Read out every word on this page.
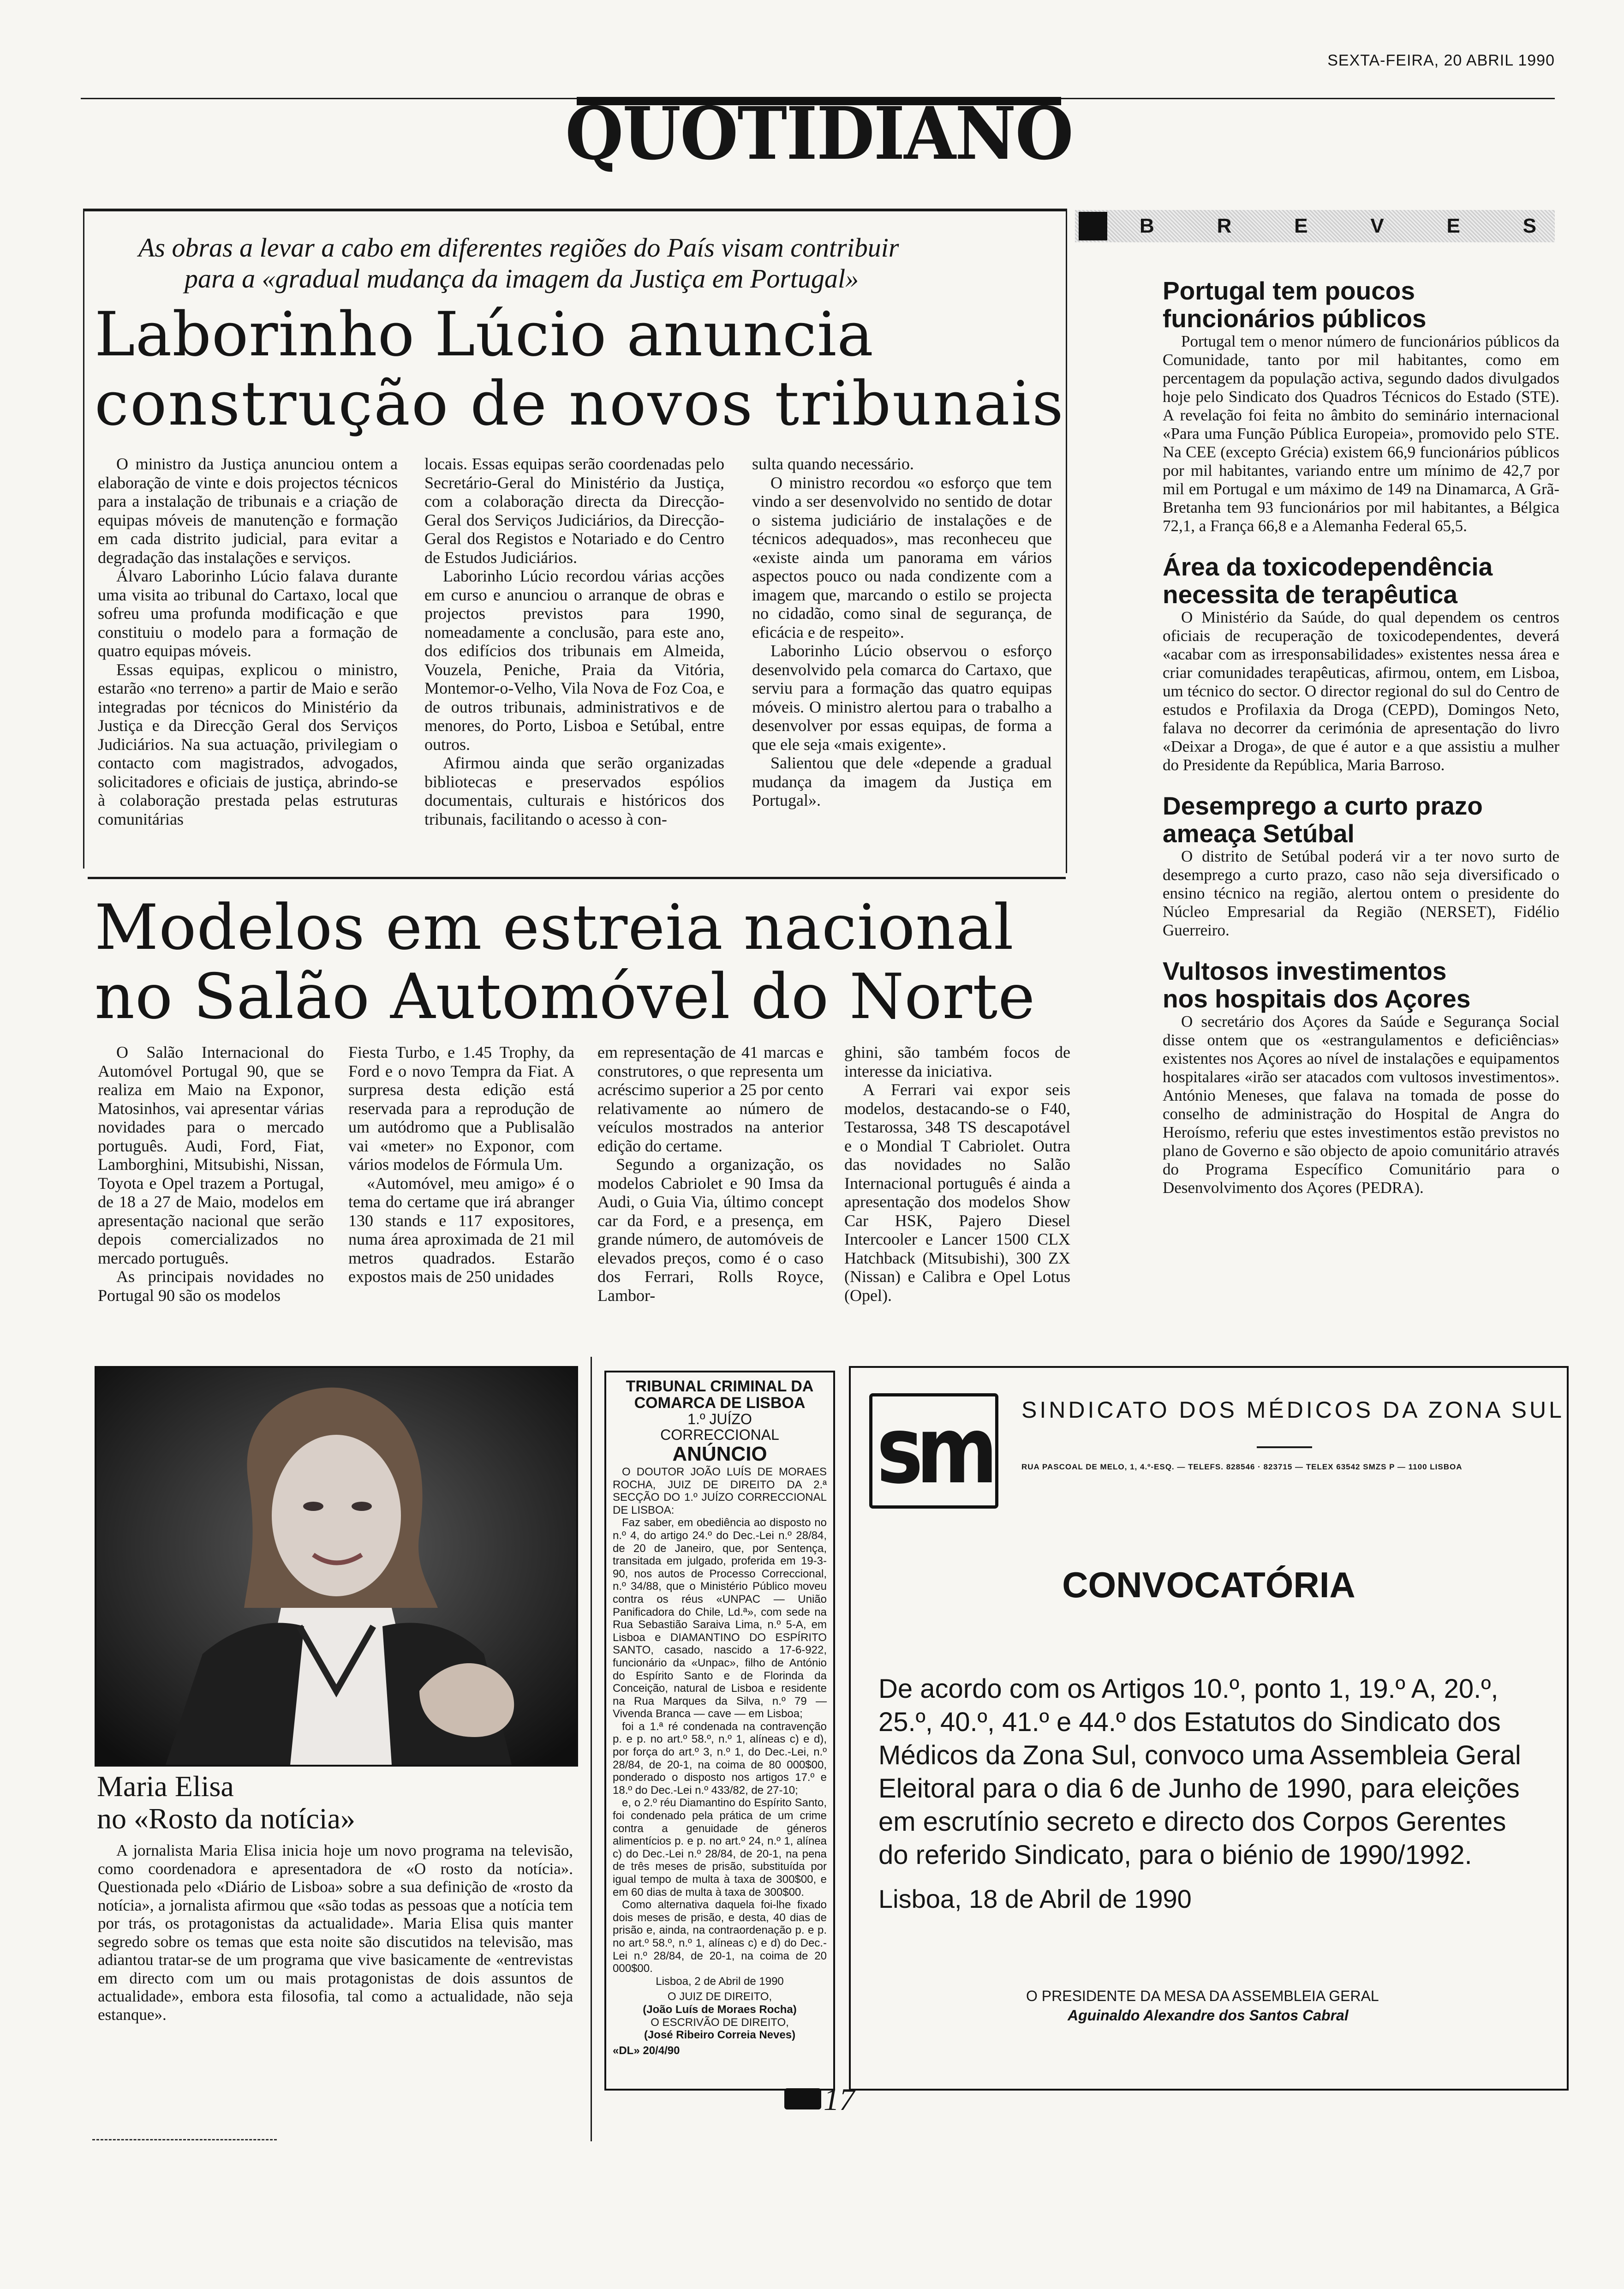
SEXTA-FEIRA, 20 ABRIL 1990
QUOTIDIANO
As obras a levar a cabo em diferentes regiões do País visam contribuir
para a «gradual mudança da imagem da Justiça em Portugal»
Laborinho Lúcio anuncia
construção de novos tribunais

O ministro da Justiça anunciou ontem a elaboração de vinte e dois projectos técnicos para a instalação de tribunais e a criação de equipas móveis de manutenção e formação em cada distrito judicial, para evitar a degradação das instalações e serviços.

Álvaro Laborinho Lúcio falava durante uma visita ao tribunal do Cartaxo, local que sofreu uma profunda modificação e que constituiu o modelo para a formação de quatro equipas móveis.

Essas equipas, explicou o ministro, estarão «no terreno» a partir de Maio e serão integradas por técnicos do Ministério da Justiça e da Direcção Geral dos Serviços Judiciários. Na sua actuação, privilegiam o contacto com magistrados, advogados, solicitadores e oficiais de justiça, abrindo-se à colaboração prestada pelas estruturas comunitárias

locais. Essas equipas serão coordenadas pelo Secretário-Geral do Ministério da Justiça, com a colaboração directa da Direcção-Geral dos Serviços Judiciários, da Direcção-Geral dos Registos e Notariado e do Centro de Estudos Judiciários.

Laborinho Lúcio recordou várias acções em curso e anunciou o arranque de obras e projectos previstos para 1990, nomeadamente a conclusão, para este ano, dos edifícios dos tribunais em Almeida, Vouzela, Peniche, Praia da Vitória, Montemor-o-Velho, Vila Nova de Foz Coa, e de outros tribunais, administrativos e de menores, do Porto, Lisboa e Setúbal, entre outros.

Afirmou ainda que serão organizadas bibliotecas e preservados espólios documentais, culturais e históricos dos tribunais, facilitando o acesso à con-

sulta quando necessário.

O ministro recordou «o esforço que tem vindo a ser desenvolvido no sentido de dotar o sistema judiciário de instalações e de técnicos adequados», mas reconheceu que «existe ainda um panorama em vários aspectos pouco ou nada condizente com a imagem que, marcando o estilo se projecta no cidadão, como sinal de segurança, de eficácia e de respeito».

Laborinho Lúcio observou o esforço desenvolvido pela comarca do Cartaxo, que serviu para a formação das quatro equipas móveis. O ministro alertou para o trabalho a desenvolver por essas equipas, de forma a que ele seja «mais exigente».

Salientou que dele «depende a gradual mudança da imagem da Justiça em Portugal».

B	R	E	V	E	S
Portugal tem poucos
funcionários públicos

Portugal tem o menor número de funcionários públicos da Comunidade, tanto por mil habitantes, como em percentagem da população activa, segundo dados divulgados hoje pelo Sindicato dos Quadros Técnicos do Estado (STE). A revelação foi feita no âmbito do seminário internacional «Para uma Função Pública Europeia», promovido pelo STE. Na CEE (excepto Grécia) existem 66,9 funcionários públicos por mil habitantes, variando entre um mínimo de 42,7 por mil em Portugal e um máximo de 149 na Dinamarca, A Grã-Bretanha tem 93 funcionários por mil habitantes, a Bélgica 72,1, a França 66,8 e a Alemanha Federal 65,5.

Área da toxicodependência
necessita de terapêutica

O Ministério da Saúde, do qual dependem os centros oficiais de recuperação de toxicodependentes, deverá «acabar com as irresponsabilidades» existentes nessa área e criar comunidades terapêuticas, afirmou, ontem, em Lisboa, um técnico do sector. O director regional do sul do Centro de estudos e Profilaxia da Droga (CEPD), Domingos Neto, falava no decorrer da cerimónia de apresentação do livro «Deixar a Droga», de que é autor e a que assistiu a mulher do Presidente da República, Maria Barroso.

Desemprego a curto prazo
ameaça Setúbal

O distrito de Setúbal poderá vir a ter novo surto de desemprego a curto prazo, caso não seja diversificado o ensino técnico na região, alertou ontem o presidente do Núcleo Empresarial da Região (NERSET), Fidélio Guerreiro.

Vultosos investimentos
nos hospitais dos Açores

O secretário dos Açores da Saúde e Segurança Social disse ontem que os «estrangulamentos e deficiências» existentes nos Açores ao nível de instalações e equipamentos hospitalares «irão ser atacados com vultosos investimentos». António Meneses, que falava na tomada de posse do conselho de administração do Hospital de Angra do Heroísmo, referiu que estes investimentos estão previstos no plano de Governo e são objecto de apoio comunitário através do Programa Específico Comunitário para o Desenvolvimento dos Açores (PEDRA).

Modelos em estreia nacional
no Salão Automóvel do Norte

O Salão Internacional do Automóvel Portugal 90, que se realiza em Maio na Exponor, Matosinhos, vai apresentar várias novidades para o mercado português. Audi, Ford, Fiat, Lamborghini, Mitsubishi, Nissan, Toyota e Opel trazem a Portugal, de 18 a 27 de Maio, modelos em apresentação nacional que serão depois comercializados no mercado português.

As principais novidades no Portugal 90 são os modelos

Fiesta Turbo, e 1.45 Trophy, da Ford e o novo Tempra da Fiat. A surpresa desta edição está reservada para a reprodução de um autódromo que a Publisalão vai «meter» no Exponor, com vários modelos de Fórmula Um.

«Automóvel, meu amigo» é o tema do certame que irá abranger 130 stands e 117 expositores, numa área aproximada de 21 mil metros quadrados. Estarão expostos mais de 250 unidades

em representação de 41 marcas e construtores, o que representa um acréscimo superior a 25 por cento relativamente ao número de veículos mostrados na anterior edição do certame.

Segundo a organização, os modelos Cabriolet e 90 Imsa da Audi, o Guia Via, último concept car da Ford, e a presença, em grande número, de automóveis de elevados preços, como é o caso dos Ferrari, Rolls Royce, Lambor-

ghini, são também focos de interesse da iniciativa.

A Ferrari vai expor seis modelos, destacando-se o F40, Testarossa, 348 TS descapotável e o Mondial T Cabriolet. Outra das novidades no Salão Internacional português é ainda a apresentação dos modelos Show Car HSK, Pajero Diesel Intercooler e Lancer 1500 CLX Hatchback (Mitsubishi), 300 ZX (Nissan) e Calibra e Opel Lotus (Opel).

Maria Elisa
no «Rosto da notícia»

A jornalista Maria Elisa inicia hoje um novo programa na televisão, como coordenadora e apresentadora de «O rosto da notícia». Questionada pelo «Diário de Lisboa» sobre a sua definição de «rosto da notícia», a jornalista afirmou que «são todas as pessoas que a notícia tem por trás, os protagonistas da actualidade». Maria Elisa quis manter segredo sobre os temas que esta noite são discutidos na televisão, mas adiantou tratar-se de um programa que vive basicamente de «entrevistas em directo com um ou mais protagonistas de dois assuntos de actualidade», embora esta filosofia, tal como a actualidade, não seja estanque».

TRIBUNAL CRIMINAL DA
COMARCA DE LISBOA
1.º JUÍZO
CORRECCIONAL
ANÚNCIO

O DOUTOR JOÃO LUÍS DE MORAES ROCHA, JUIZ DE DIREITO DA 2.ª SECÇÃO DO 1.º JUÍZO CORRECCIONAL DE LISBOA:

Faz saber, em obediência ao disposto no n.º 4, do artigo 24.º do Dec.-Lei n.º 28/84, de 20 de Janeiro, que, por Sentença, transitada em julgado, proferida em 19-3-90, nos autos de Processo Correccional, n.º 34/88, que o Ministério Público moveu contra os réus «UNPAC — União Panificadora do Chile, Ld.ª», com sede na Rua Sebastião Saraiva Lima, n.º 5-A, em Lisboa e DIAMANTINO DO ESPÍRITO SANTO, casado, nascido a 17-6-922, funcionário da «Unpac», filho de António do Espírito Santo e de Florinda da Conceição, natural de Lisboa e residente na Rua Marques da Silva, n.º 79 — Vivenda Branca — cave — em Lisboa;

foi a 1.ª ré condenada na contravenção p. e p. no art.º 58.º, n.º 1, alíneas c) e d), por força do art.º 3, n.º 1, do Dec.-Lei, n.º 28/84, de 20-1, na coima de 80 000$00, ponderado o disposto nos artigos 17.º e 18.º do Dec.-Lei n.º 433/82, de 27-10;

e, o 2.º réu Diamantino do Espírito Santo, foi condenado pela prática de um crime contra a genuidade de géneros alimentícios p. e p. no art.º 24, n.º 1, alínea c) do Dec.-Lei n.º 28/84, de 20-1, na pena de três meses de prisão, substituída por igual tempo de multa à taxa de 300$00, e em 60 dias de multa à taxa de 300$00.

Como alternativa daquela foi-lhe fixado dois meses de prisão, e desta, 40 dias de prisão e, ainda, na contraordenação p. e p. no art.º 58.º, n.º 1, alíneas c) e d) do Dec.-Lei n.º 28/84, de 20-1, na coima de 20 000$00.

Lisboa, 2 de Abril de 1990

O JUIZ DE DIREITO,
(João Luís de Moraes Rocha)
O ESCRIVÃO DE DIREITO,
(José Ribeiro Correia Neves)
«DL» 20/4/90
sm SINDICATO DOS MÉDICOS DA ZONA SUL
RUA PASCOAL DE MELO, 1, 4.º-ESQ. — TELEFS. 828546 · 823715 — TELEX 63542 SMZS P — 1100 LISBOA
CONVOCATÓRIA
De acordo com os Artigos 10.º, ponto 1, 19.º A, 20.º, 25.º, 40.º, 41.º e 44.º dos Estatutos do Sindicato dos Médicos da Zona Sul, convoco uma Assembleia Geral Eleitoral para o dia 6 de Junho de 1990, para eleições em escrutínio secreto e directo dos Corpos Gerentes do referido Sindicato, para o biénio de 1990/1992.
Lisboa, 18 de Abril de 1990
O PRESIDENTE DA MESA DA ASSEMBLEIA GERAL
Aguinaldo Alexandre dos Santos Cabral
17
